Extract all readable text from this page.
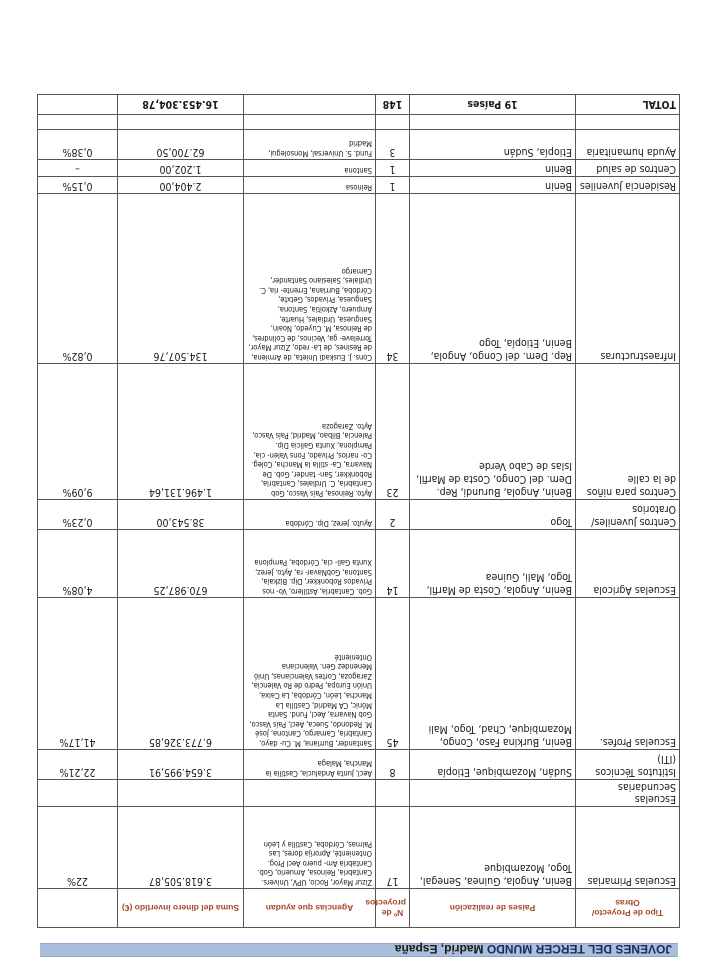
JOVENES DEL TERCER MUNDO Madrid, España
Tipo de Proyecto/ Obras	Países de realización	Nº de proyectos	Agencias que ayudan	Suma del dinero invertido (€)	
Escuelas Primarias	Benin, Angola, Guinea, Senegal, Togo, Mozambique	17	Zizur Mayor, Rocio, UPV, Univers. Cantabria, Reinosa, Amuerio, Gob. Cantabria Am- puero Aecl Prog. Ontenienté, Aprorija dores, Las Palmas, Córdoba, Castilla y León	3.618.505,87	22%
Escuelas Secundarias					
Istitutos Técnicos (ITI)	Sudán, Mozambique, Etiopía	8	Aecl, Junta Andalucia, Castilla la Mancha, Malaga	3.654.995,91	22,21%
Escuelas Profes.	Benin, Burkina Faso, Congo, Mozambique, Chad, Togo, Mali	45	Santander, Burriana, M. Cu- dayo, Cantabria, Camargo, Cantona, José M. Redondo, Sueca, Aecl, País Vasco, Gob Navarra, Aecl, Fund. Santa Mónic, CA Madrid, Castilla La Mancha, León, Córdoba, La Caixa, Unión Europa, Pedro de Ro Valencia, Zaragoza, Cortes Valencianas, Unió Menendez Gen. Valenciana Ontenienté	6.773.326,85	41,17%
Escuelas Agricola	Benin, Angola, Costa de Marfil, Togo, Mali, Guinea	14	Gob. Cantabria, Astillero, Vo- nos Privados Robonkker, Dip. Bizkaia, Santona, GobNavar- ra, Ayto. Jerez, Xunta Gali- cia, Córdoba, Pamplona	670.987,25	4,08%
Centros Juveniles/ Oratorios	Togo	2	Ayuto. Jerez, Dip. Córdoba	38.543,00	0,23%
Centros para niños de la calle	Benin, Angola, Burundi, Rep. Dem. del Congo, Costa de Marfil, Islas de Cabo Verde	23	Ayto. Reinosa, País Vasco, Gob Cantabria, C. Urdiales, Cantabria, Robonkker, San- tander, Gob. De Navarra, Ca- stilla la Mancha, Coleg. Co- narios, Privado, Fons Valen- cia, Pamplona, Xunta Galicia Dip. Palencia, Bilbao, Madrid, País Vasco, Ayto. Zaragoza	1.496.131,64	9,09%
Infraestructuras	Rep. Dem. del Congo, Angola, Benin, Etiopía, Togo	34	Cons. J. Euskadi Unieta, de Armiena, de Resines, de La- redo, Zizur Mayor, Torrelave- ga, Vecinos, de Colindres, de Reinosa, M. Cuyedo, Noain, Sanguesa, Urdiales, Huarte, Ampuero, Azkoitia, Santona, Sanguesa, Privados, Getxte, Córdoba, Burriana, Errente- ria, C. Urdiales, Salesiano Santander, Camargo	134.507,76	0,82%
Residencia Juveniles	Benin	1	Reinosa	2.404,00	0,15%
Centros de salud	Benin	1	Santona	1.202,00	–
Ayuda humanitaria	Etiopía, Sudán	3	Fund. S. Universal, Monsolegui, Madrid	62.700,50	0,38%

TOTAL	19 Países	148		16.453.304,78	
